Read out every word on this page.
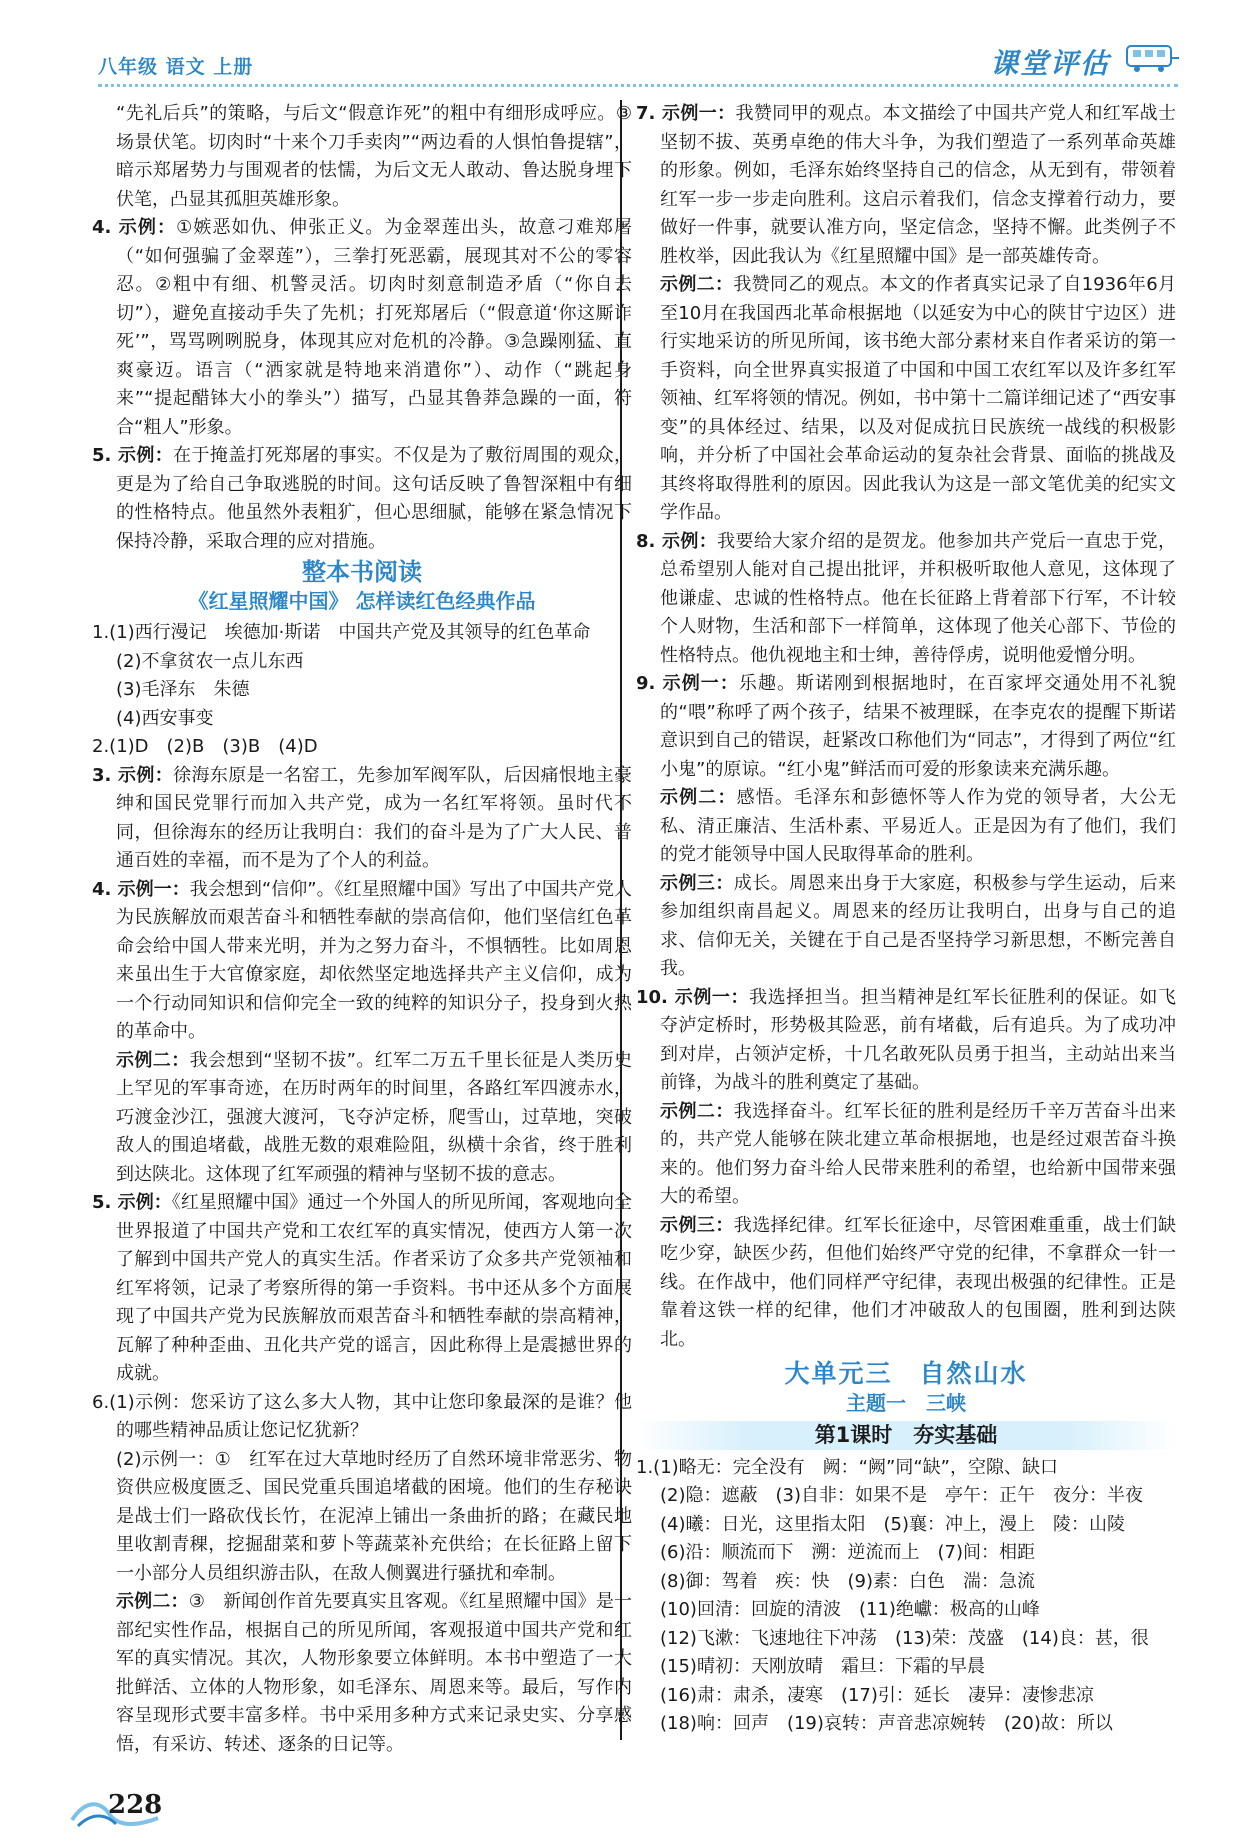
八年级 语文 上册	课堂评估

“先礼后兵”的策略，与后文“假意诈死”的粗中有细形成呼应。③场景伏笔。切肉时“十来个刀手卖肉”“两边看的人惧怕鲁提辖”，暗示郑屠势力与围观者的怯懦，为后文无人敢动、鲁达脱身埋下伏笔，凸显其孤胆英雄形象。

4. 示例：①嫉恶如仇、伸张正义。为金翠莲出头，故意刁难郑屠（“如何强骗了金翠莲”），三拳打死恶霸，展现其对不公的零容忍。②粗中有细、机警灵活。切肉时刻意制造矛盾（“你自去切”），避免直接动手失了先机；打死郑屠后（“假意道‘你这厮诈死’”，骂骂咧咧脱身，体现其应对危机的冷静。③急躁刚猛、直爽豪迈。语言（“洒家就是特地来消遣你”）、动作（“跳起身来”“提起醋钵大小的拳头”）描写，凸显其鲁莽急躁的一面，符合“粗人”形象。

5. 示例：在于掩盖打死郑屠的事实。不仅是为了敷衍周围的观众，更是为了给自己争取逃脱的时间。这句话反映了鲁智深粗中有细的性格特点。他虽然外表粗犷，但心思细腻，能够在紧急情况下保持冷静，采取合理的应对措施。

整本书阅读
《红星照耀中国》 怎样读红色经典作品

1.(1)西行漫记　埃德加·斯诺　中国共产党及其领导的红色革命

(2)不拿贫农一点儿东西

(3)毛泽东　朱德

(4)西安事变

2.(1)D　(2)B　(3)B　(4)D

3. 示例：徐海东原是一名窑工，先参加军阀军队，后因痛恨地主豪绅和国民党罪行而加入共产党，成为一名红军将领。虽时代不同，但徐海东的经历让我明白：我们的奋斗是为了广大人民、普通百姓的幸福，而不是为了个人的利益。

4. 示例一：我会想到“信仰”。《红星照耀中国》写出了中国共产党人为民族解放而艰苦奋斗和牺牲奉献的崇高信仰，他们坚信红色革命会给中国人带来光明，并为之努力奋斗，不惧牺牲。比如周恩来虽出生于大官僚家庭，却依然坚定地选择共产主义信仰，成为一个行动同知识和信仰完全一致的纯粹的知识分子，投身到火热的革命中。

示例二：我会想到“坚韧不拔”。红军二万五千里长征是人类历史上罕见的军事奇迹，在历时两年的时间里，各路红军四渡赤水，巧渡金沙江，强渡大渡河，飞夺泸定桥，爬雪山，过草地，突破敌人的围追堵截，战胜无数的艰难险阻，纵横十余省，终于胜利到达陕北。这体现了红军顽强的精神与坚韧不拔的意志。

5. 示例：《红星照耀中国》通过一个外国人的所见所闻，客观地向全世界报道了中国共产党和工农红军的真实情况，使西方人第一次了解到中国共产党人的真实生活。作者采访了众多共产党领袖和红军将领，记录了考察所得的第一手资料。书中还从多个方面展现了中国共产党为民族解放而艰苦奋斗和牺牲奉献的崇高精神，瓦解了种种歪曲、丑化共产党的谣言，因此称得上是震撼世界的成就。

6.(1)示例：您采访了这么多大人物，其中让您印象最深的是谁？他的哪些精神品质让您记忆犹新？

(2)示例一：①　红军在过大草地时经历了自然环境非常恶劣、物资供应极度匮乏、国民党重兵围追堵截的困境。他们的生存秘诀是战士们一路砍伐长竹，在泥淖上铺出一条曲折的路；在藏民地里收割青稞，挖掘甜菜和萝卜等蔬菜补充供给；在长征路上留下一小部分人员组织游击队，在敌人侧翼进行骚扰和牵制。

示例二：③　新闻创作首先要真实且客观。《红星照耀中国》是一部纪实性作品，根据自己的所见所闻，客观报道中国共产党和红军的真实情况。其次，人物形象要立体鲜明。本书中塑造了一大批鲜活、立体的人物形象，如毛泽东、周恩来等。最后，写作内容呈现形式要丰富多样。书中采用多种方式来记录史实、分享感悟，有采访、转述、逐条的日记等。

7. 示例一：我赞同甲的观点。本文描绘了中国共产党人和红军战士坚韧不拔、英勇卓绝的伟大斗争，为我们塑造了一系列革命英雄的形象。例如，毛泽东始终坚持自己的信念，从无到有，带领着红军一步一步走向胜利。这启示着我们，信念支撑着行动力，要做好一件事，就要认准方向，坚定信念，坚持不懈。此类例子不胜枚举，因此我认为《红星照耀中国》是一部英雄传奇。

示例二：我赞同乙的观点。本文的作者真实记录了自1936年6月至10月在我国西北革命根据地（以延安为中心的陕甘宁边区）进行实地采访的所见所闻，该书绝大部分素材来自作者采访的第一手资料，向全世界真实报道了中国和中国工农红军以及许多红军领袖、红军将领的情况。例如，书中第十二篇详细记述了“西安事变”的具体经过、结果，以及对促成抗日民族统一战线的积极影响，并分析了中国社会革命运动的复杂社会背景、面临的挑战及其终将取得胜利的原因。因此我认为这是一部文笔优美的纪实文学作品。

8. 示例：我要给大家介绍的是贺龙。他参加共产党后一直忠于党，总希望别人能对自己提出批评，并积极听取他人意见，这体现了他谦虚、忠诚的性格特点。他在长征路上背着部下行军，不计较个人财物，生活和部下一样简单，这体现了他关心部下、节俭的性格特点。他仇视地主和士绅，善待俘虏，说明他爱憎分明。

9. 示例一：乐趣。斯诺刚到根据地时，在百家坪交通处用不礼貌的“喂”称呼了两个孩子，结果不被理睬，在李克农的提醒下斯诺意识到自己的错误，赶紧改口称他们为“同志”，才得到了两位“红小鬼”的原谅。“红小鬼”鲜活而可爱的形象读来充满乐趣。

示例二：感悟。毛泽东和彭德怀等人作为党的领导者，大公无私、清正廉洁、生活朴素、平易近人。正是因为有了他们，我们的党才能领导中国人民取得革命的胜利。

示例三：成长。周恩来出身于大家庭，积极参与学生运动，后来参加组织南昌起义。周恩来的经历让我明白，出身与自己的追求、信仰无关，关键在于自己是否坚持学习新思想，不断完善自我。

10. 示例一：我选择担当。担当精神是红军长征胜利的保证。如飞夺泸定桥时，形势极其险恶，前有堵截，后有追兵。为了成功冲到对岸，占领泸定桥，十几名敢死队员勇于担当，主动站出来当前锋，为战斗的胜利奠定了基础。

示例二：我选择奋斗。红军长征的胜利是经历千辛万苦奋斗出来的，共产党人能够在陕北建立革命根据地，也是经过艰苦奋斗换来的。他们努力奋斗给人民带来胜利的希望，也给新中国带来强大的希望。

示例三：我选择纪律。红军长征途中，尽管困难重重，战士们缺吃少穿，缺医少药，但他们始终严守党的纪律，不拿群众一针一线。在作战中，他们同样严守纪律，表现出极强的纪律性。正是靠着这铁一样的纪律，他们才冲破敌人的包围圈，胜利到达陕北。

大单元三　自然山水
主题一　三峡
第1课时　夯实基础

1.(1)略无：完全没有　阙：“阙”同“缺”，空隙、缺口

(2)隐：遮蔽　(3)自非：如果不是　亭午：正午　夜分：半夜

(4)曦：日光，这里指太阳　(5)襄：冲上，漫上　陵：山陵

(6)沿：顺流而下　溯：逆流而上　(7)间：相距

(8)御：驾着　疾：快　(9)素：白色　湍：急流

(10)回清：回旋的清波　(11)绝巘：极高的山峰

(12)飞漱：飞速地往下冲荡　(13)荣：茂盛　(14)良：甚，很

(15)晴初：天刚放晴　霜旦：下霜的早晨

(16)肃：肃杀，凄寒　(17)引：延长　凄异：凄惨悲凉

(18)响：回声　(19)哀转：声音悲凉婉转　(20)故：所以

228
